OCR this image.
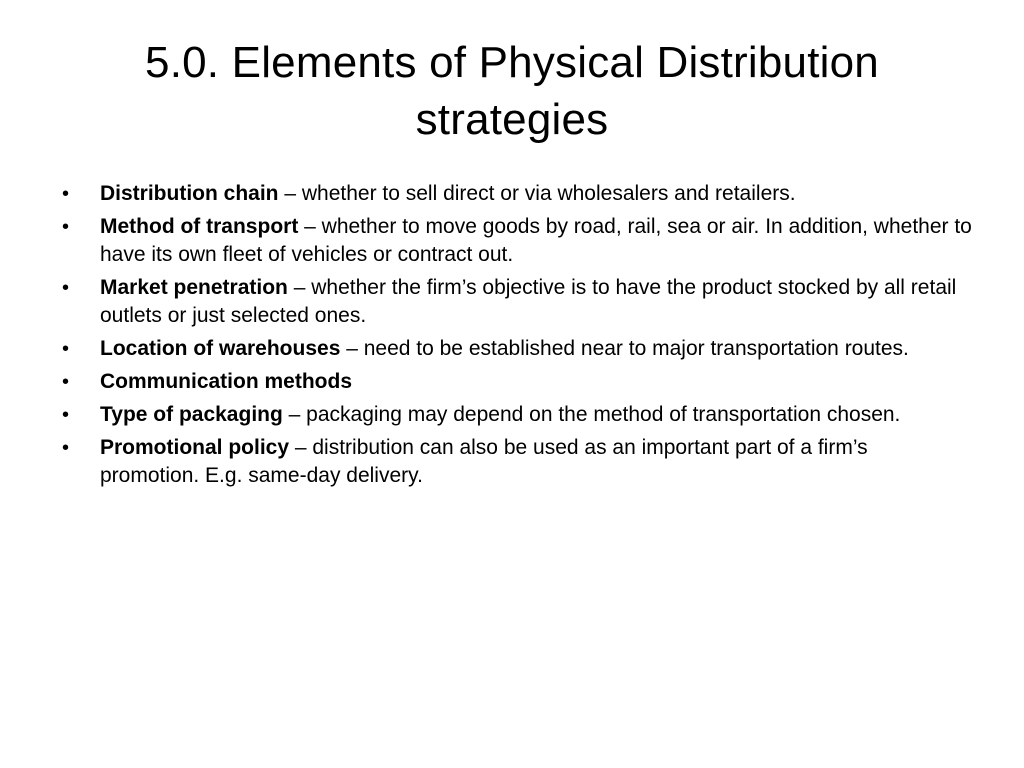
5.0. Elements of Physical Distribution strategies
•	Distribution chain – whether to sell direct or via wholesalers and retailers.
•	Method of transport – whether to move goods by road, rail, sea or air. In addition, whether to have its own fleet of vehicles or contract out.
•	Market penetration – whether the firm’s objective is to have the product stocked by all retail outlets or just selected ones.
•	Location of warehouses – need to be established near to major transportation routes.
•	Communication methods
•	Type of packaging – packaging may depend on the method of transportation chosen.
•	Promotional policy – distribution can also be used as an important part of a firm’s promotion. E.g. same-day delivery.
